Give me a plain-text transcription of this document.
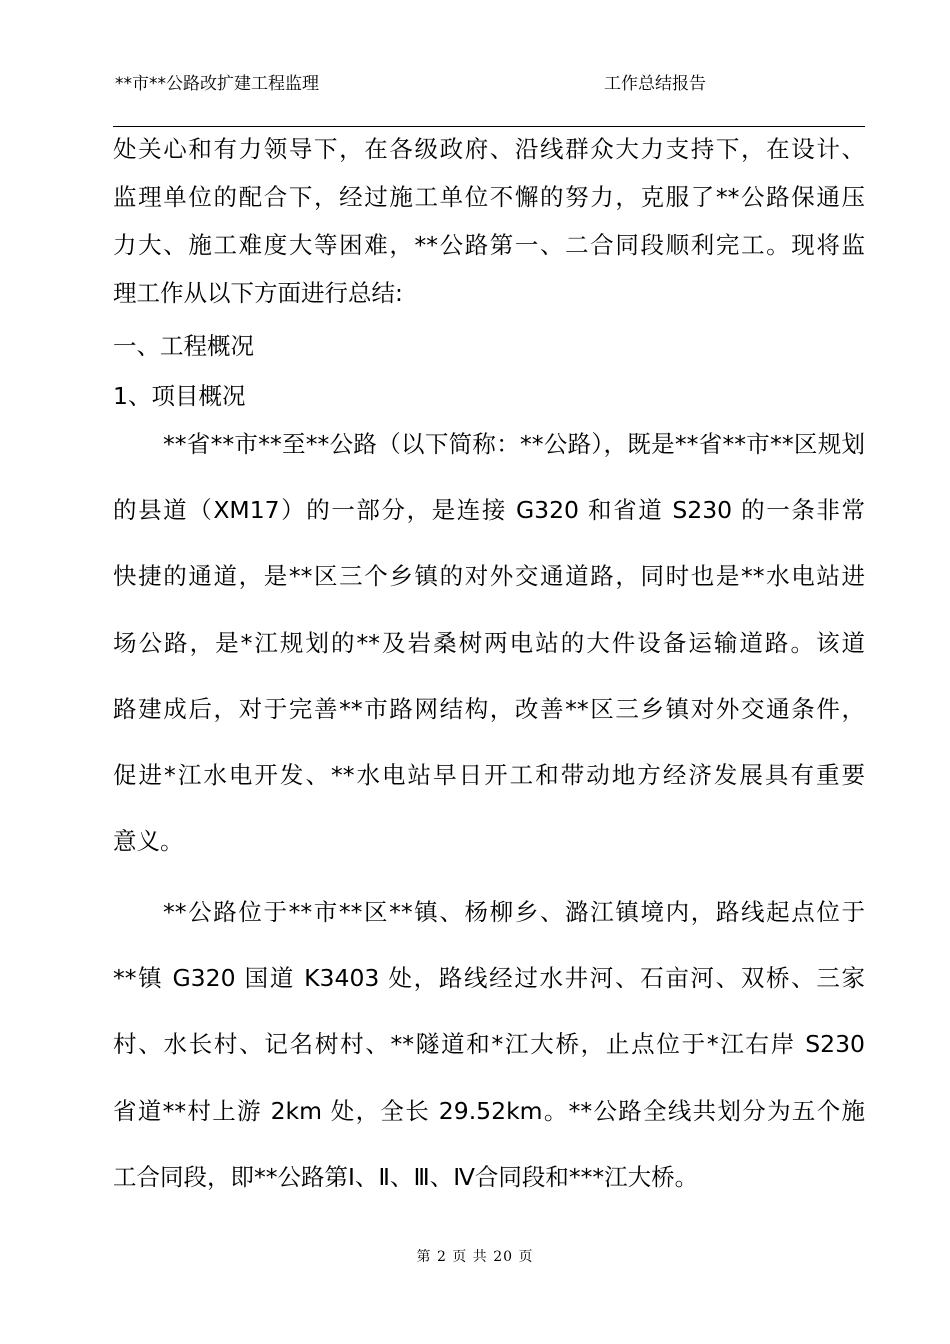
**市**公路改扩建工程监理	工作总结报告
处关心和有力领导下，在各级政府、沿线群众大力支持下，在设计、
监理单位的配合下，经过施工单位不懈的努力，克服了**公路保通压
力大、施工难度大等困难，**公路第一、二合同段顺利完工。现将监
理工作从以下方面进行总结:
一、工程概况
1、项目概况
**省**市**至**公路（以下简称：**公路），既是**省**市**区规划
的县道（XM17）的一部分，是连接 G320 和省道 S230 的一条非常
快捷的通道，是**区三个乡镇的对外交通道路，同时也是**水电站进
场公路，是*江规划的**及岩桑树两电站的大件设备运输道路。该道
路建成后，对于完善**市路网结构，改善**区三乡镇对外交通条件，
促进*江水电开发、**水电站早日开工和带动地方经济发展具有重要
意义。
**公路位于**市**区**镇、杨柳乡、潞江镇境内，路线起点位于
**镇 G320 国道 K3403 处，路线经过水井河、石亩河、双桥、三家
村、水长村、记名树村、**隧道和*江大桥，止点位于*江右岸 S230
省道**村上游 2km 处，全长 29.52km。**公路全线共划分为五个施
工合同段，即**公路第Ⅰ、Ⅱ、Ⅲ、Ⅳ合同段和***江大桥。
第 2 页 共 20 页
